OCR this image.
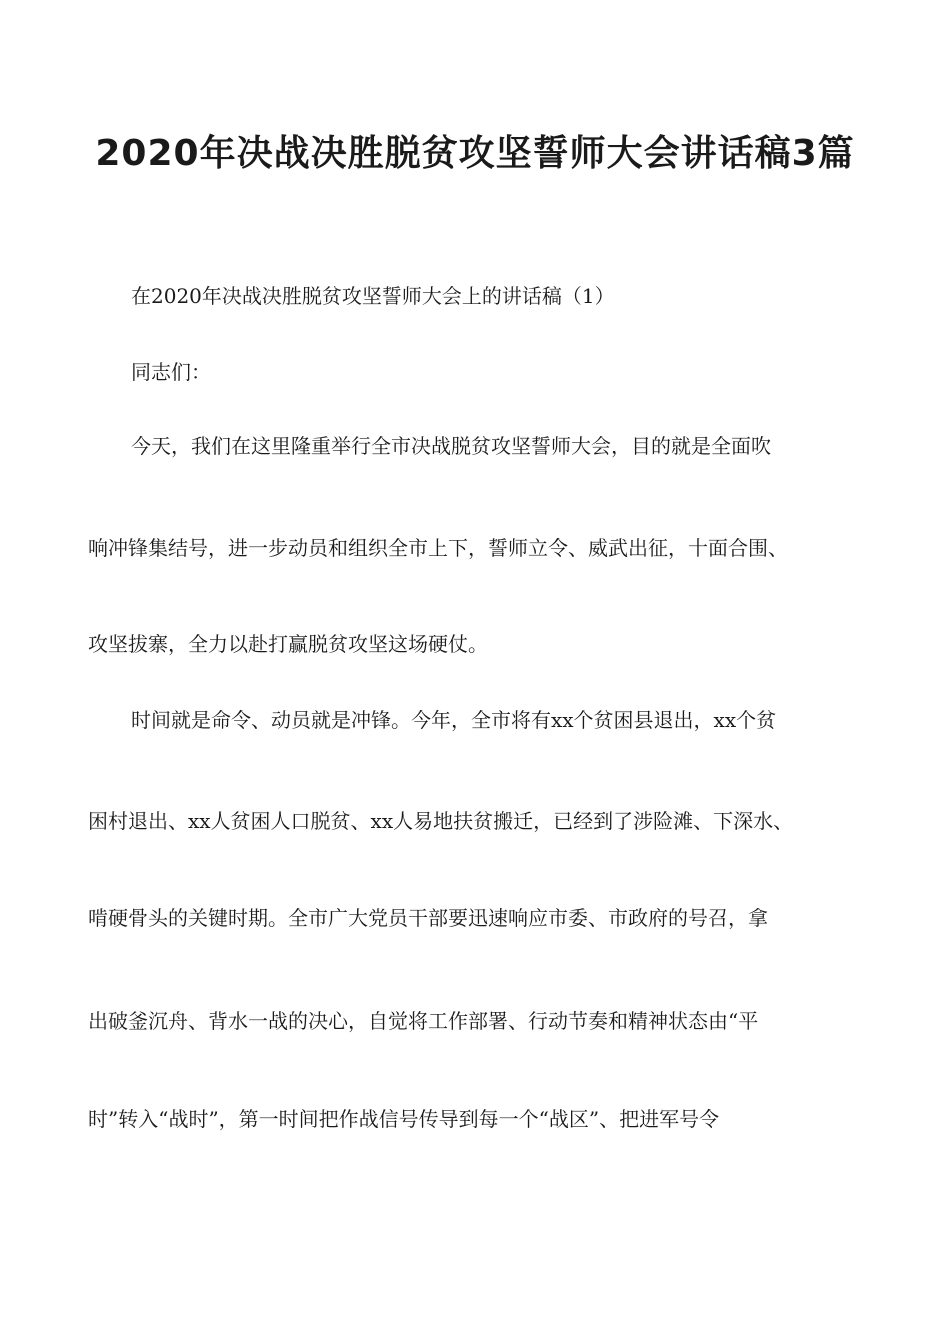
2020年决战决胜脱贫攻坚誓师大会讲话稿3篇
在2020年决战决胜脱贫攻坚誓师大会上的讲话稿（1）
同志们：
今天，我们在这里隆重举行全市决战脱贫攻坚誓师大会，目的就是全面吹
响冲锋集结号，进一步动员和组织全市上下，誓师立令、威武出征，十面合围、
攻坚拔寨，全力以赴打赢脱贫攻坚这场硬仗。
时间就是命令、动员就是冲锋。今年，全市将有xx个贫困县退出，xx个贫
困村退出、xx人贫困人口脱贫、xx人易地扶贫搬迁，已经到了涉险滩、下深水、
啃硬骨头的关键时期。全市广大党员干部要迅速响应市委、市政府的号召，拿
出破釜沉舟、背水一战的决心，自觉将工作部署、行动节奏和精神状态由“平
时”转入“战时”，第一时间把作战信号传导到每一个“战区”、把进军号令
